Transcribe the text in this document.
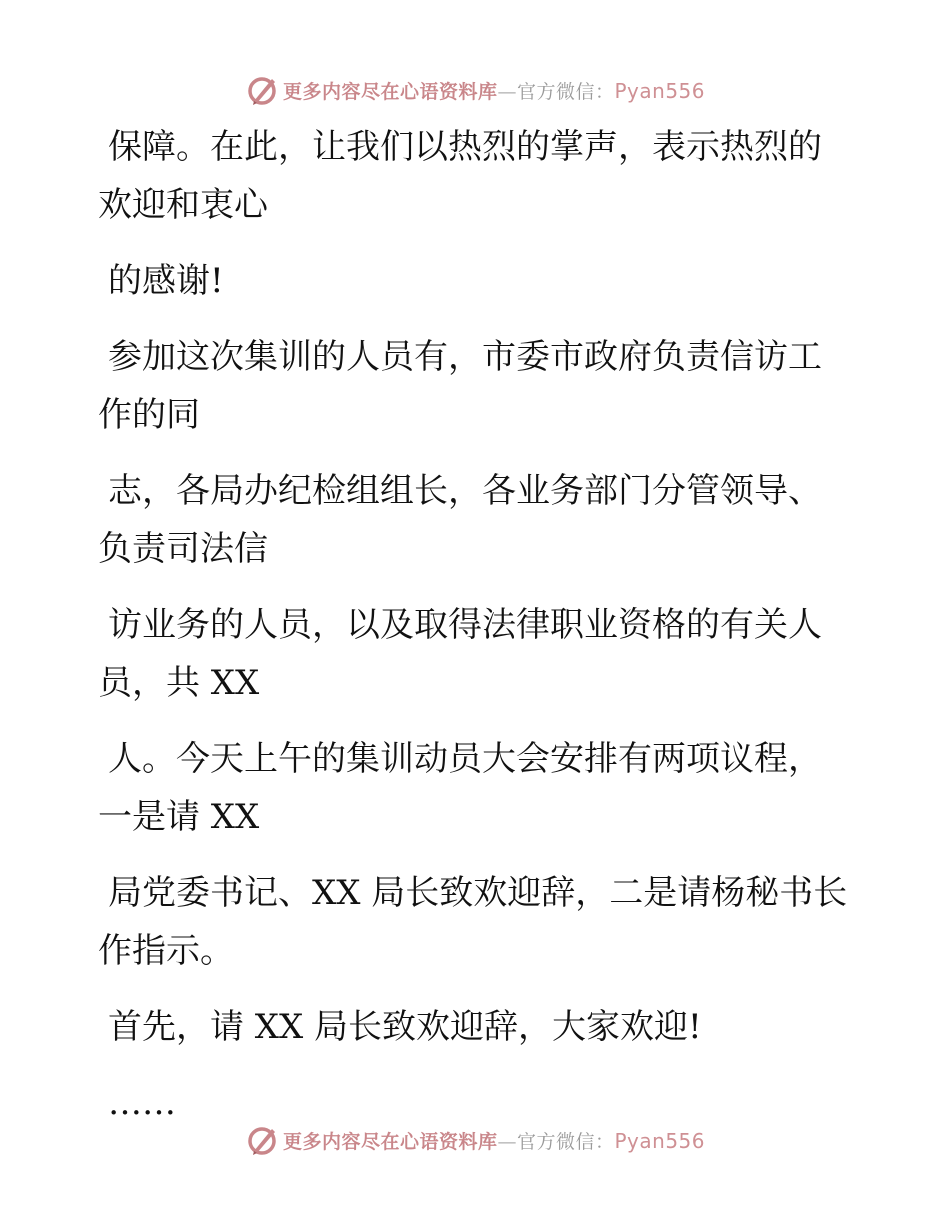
更多内容尽在心语资料库—官方微信：Pyan556
保障。在此，让我们以热烈的掌声，表示热烈的
欢迎和衷心
的感谢!
参加这次集训的人员有，市委市政府负责信访工
作的同
志，各局办纪检组组长，各业务部门分管领导、
负责司法信
访业务的人员，以及取得法律职业资格的有关人
员，共 XX
人。今天上午的集训动员大会安排有两项议程，
一是请 XX
局党委书记、XX 局长致欢迎辞，二是请杨秘书长
作指示。
首先，请 XX 局长致欢迎辞，大家欢迎!
……
更多内容尽在心语资料库—官方微信：Pyan556
